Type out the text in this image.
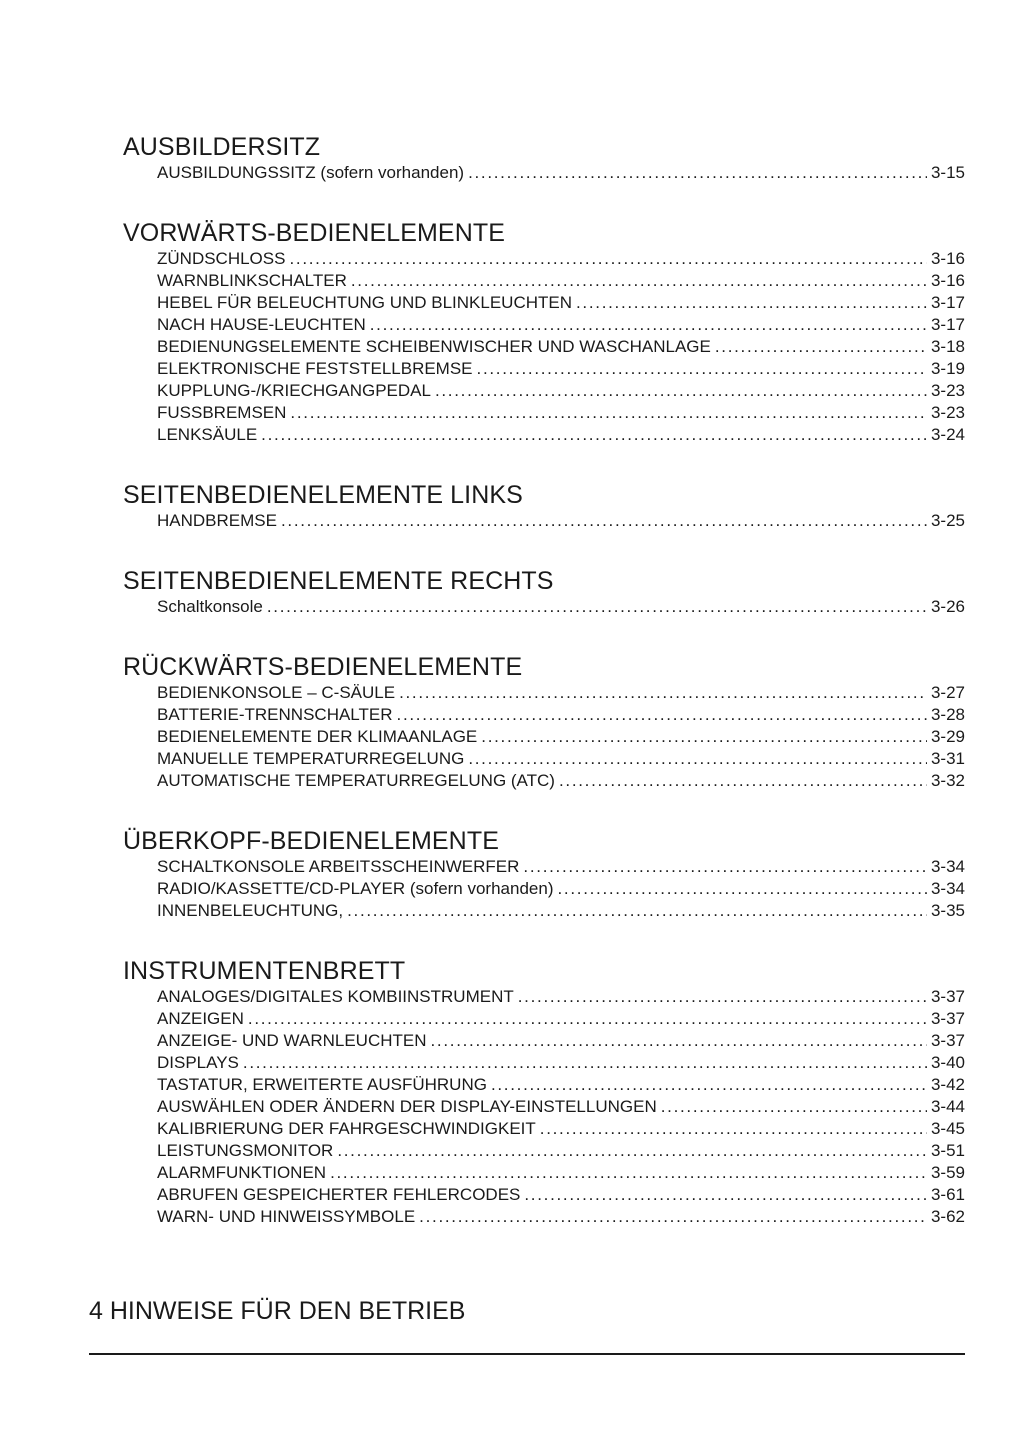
AUSBILDERSITZ
AUSBILDUNGSSITZ (sofern vorhanden) .....	3-15
VORWÄRTS-BEDIENELEMENTE
ZÜNDSCHLOSS .....	3-16
WARNBLINKSCHALTER .....	3-16
HEBEL FÜR BELEUCHTUNG UND BLINKLEUCHTEN .....	3-17
NACH HAUSE-LEUCHTEN .....	3-17
BEDIENUNGSELEMENTE SCHEIBENWISCHER UND WASCHANLAGE .....	3-18
ELEKTRONISCHE FESTSTELLBREMSE .....	3-19
KUPPLUNG-/KRIECHGANGPEDAL .....	3-23
FUSSBREMSEN .....	3-23
LENKSÄULE .....	3-24
SEITENBEDIENELEMENTE LINKS
HANDBREMSE .....	3-25
SEITENBEDIENELEMENTE RECHTS
Schaltkonsole .....	3-26
RÜCKWÄRTS-BEDIENELEMENTE
BEDIENKONSOLE – C-SÄULE .....	3-27
BATTERIE-TRENNSCHALTER .....	3-28
BEDIENELEMENTE DER KLIMAANLAGE .....	3-29
MANUELLE TEMPERATURREGELUNG .....	3-31
AUTOMATISCHE TEMPERATURREGELUNG (ATC) .....	3-32
ÜBERKOPF-BEDIENELEMENTE
SCHALTKONSOLE ARBEITSSCHEINWERFER .....	3-34
RADIO/KASSETTE/CD-PLAYER (sofern vorhanden) .....	3-34
INNENBELEUCHTUNG, .....	3-35
INSTRUMENTENBRETT
ANALOGES/DIGITALES KOMBIINSTRUMENT .....	3-37
ANZEIGEN .....	3-37
ANZEIGE- UND WARNLEUCHTEN .....	3-37
DISPLAYS .....	3-40
TASTATUR, ERWEITERTE AUSFÜHRUNG .....	3-42
AUSWÄHLEN ODER ÄNDERN DER DISPLAY-EINSTELLUNGEN .....	3-44
KALIBRIERUNG DER FAHRGESCHWINDIGKEIT .....	3-45
LEISTUNGSMONITOR .....	3-51
ALARMFUNKTIONEN .....	3-59
ABRUFEN GESPEICHERTER FEHLERCODES .....	3-61
WARN- UND HINWEISSYMBOLE .....	3-62
4 HINWEISE FÜR DEN BETRIEB
